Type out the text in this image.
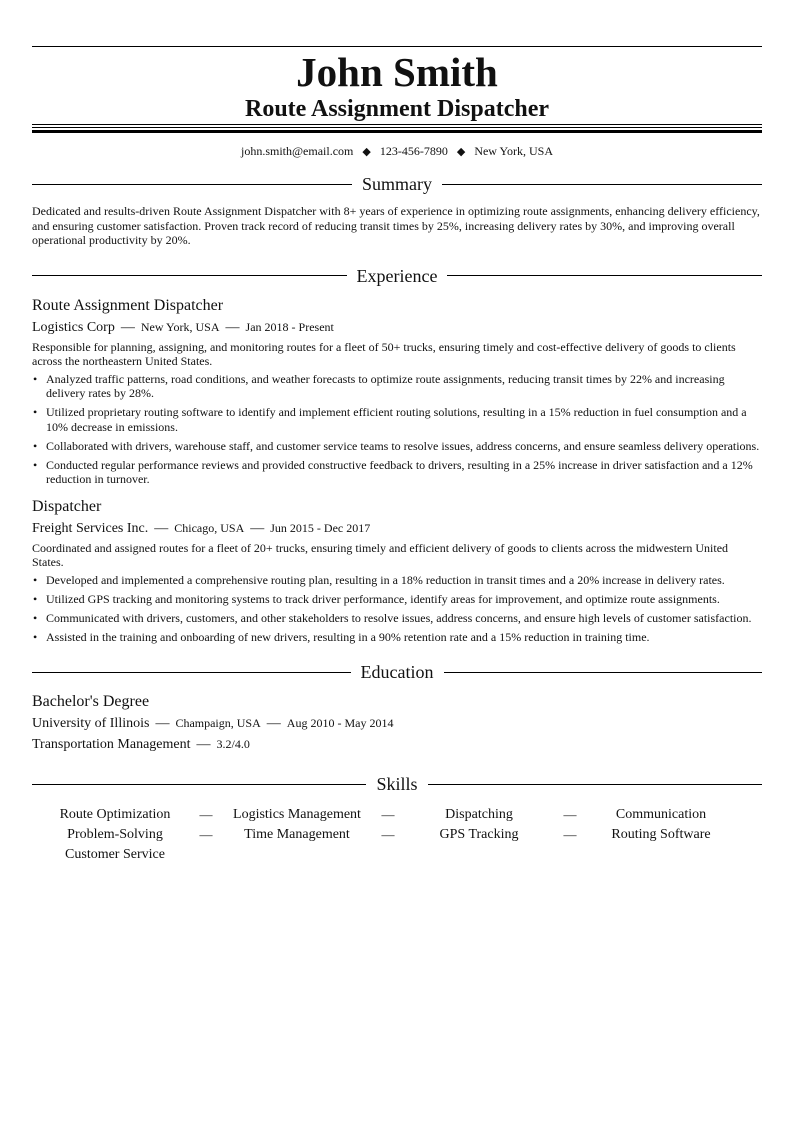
John Smith
Route Assignment Dispatcher
john.smith@email.com ◆ 123-456-7890 ◆ New York, USA
Summary
Dedicated and results-driven Route Assignment Dispatcher with 8+ years of experience in optimizing route assignments, enhancing delivery efficiency, and ensuring customer satisfaction. Proven track record of reducing transit times by 25%, increasing delivery rates by 30%, and improving overall operational productivity by 20%.
Experience
Route Assignment Dispatcher
Logistics Corp — New York, USA — Jan 2018 - Present
Responsible for planning, assigning, and monitoring routes for a fleet of 50+ trucks, ensuring timely and cost-effective delivery of goods to clients across the northeastern United States.
• Analyzed traffic patterns, road conditions, and weather forecasts to optimize route assignments, reducing transit times by 22% and increasing delivery rates by 28%.
• Utilized proprietary routing software to identify and implement efficient routing solutions, resulting in a 15% reduction in fuel consumption and a 10% decrease in emissions.
• Collaborated with drivers, warehouse staff, and customer service teams to resolve issues, address concerns, and ensure seamless delivery operations.
• Conducted regular performance reviews and provided constructive feedback to drivers, resulting in a 25% increase in driver satisfaction and a 12% reduction in turnover.
Dispatcher
Freight Services Inc. — Chicago, USA — Jun 2015 - Dec 2017
Coordinated and assigned routes for a fleet of 20+ trucks, ensuring timely and efficient delivery of goods to clients across the midwestern United States.
• Developed and implemented a comprehensive routing plan, resulting in a 18% reduction in transit times and a 20% increase in delivery rates.
• Utilized GPS tracking and monitoring systems to track driver performance, identify areas for improvement, and optimize route assignments.
• Communicated with drivers, customers, and other stakeholders to resolve issues, address concerns, and ensure high levels of customer satisfaction.
• Assisted in the training and onboarding of new drivers, resulting in a 90% retention rate and a 15% reduction in training time.
Education
Bachelor's Degree
University of Illinois — Champaign, USA — Aug 2010 - May 2014
Transportation Management — 3.2/4.0
Skills
Route Optimization	—	Logistics Management	—	Dispatching	—	Communication
Problem-Solving	—	Time Management	—	GPS Tracking	—	Routing Software
Customer Service
